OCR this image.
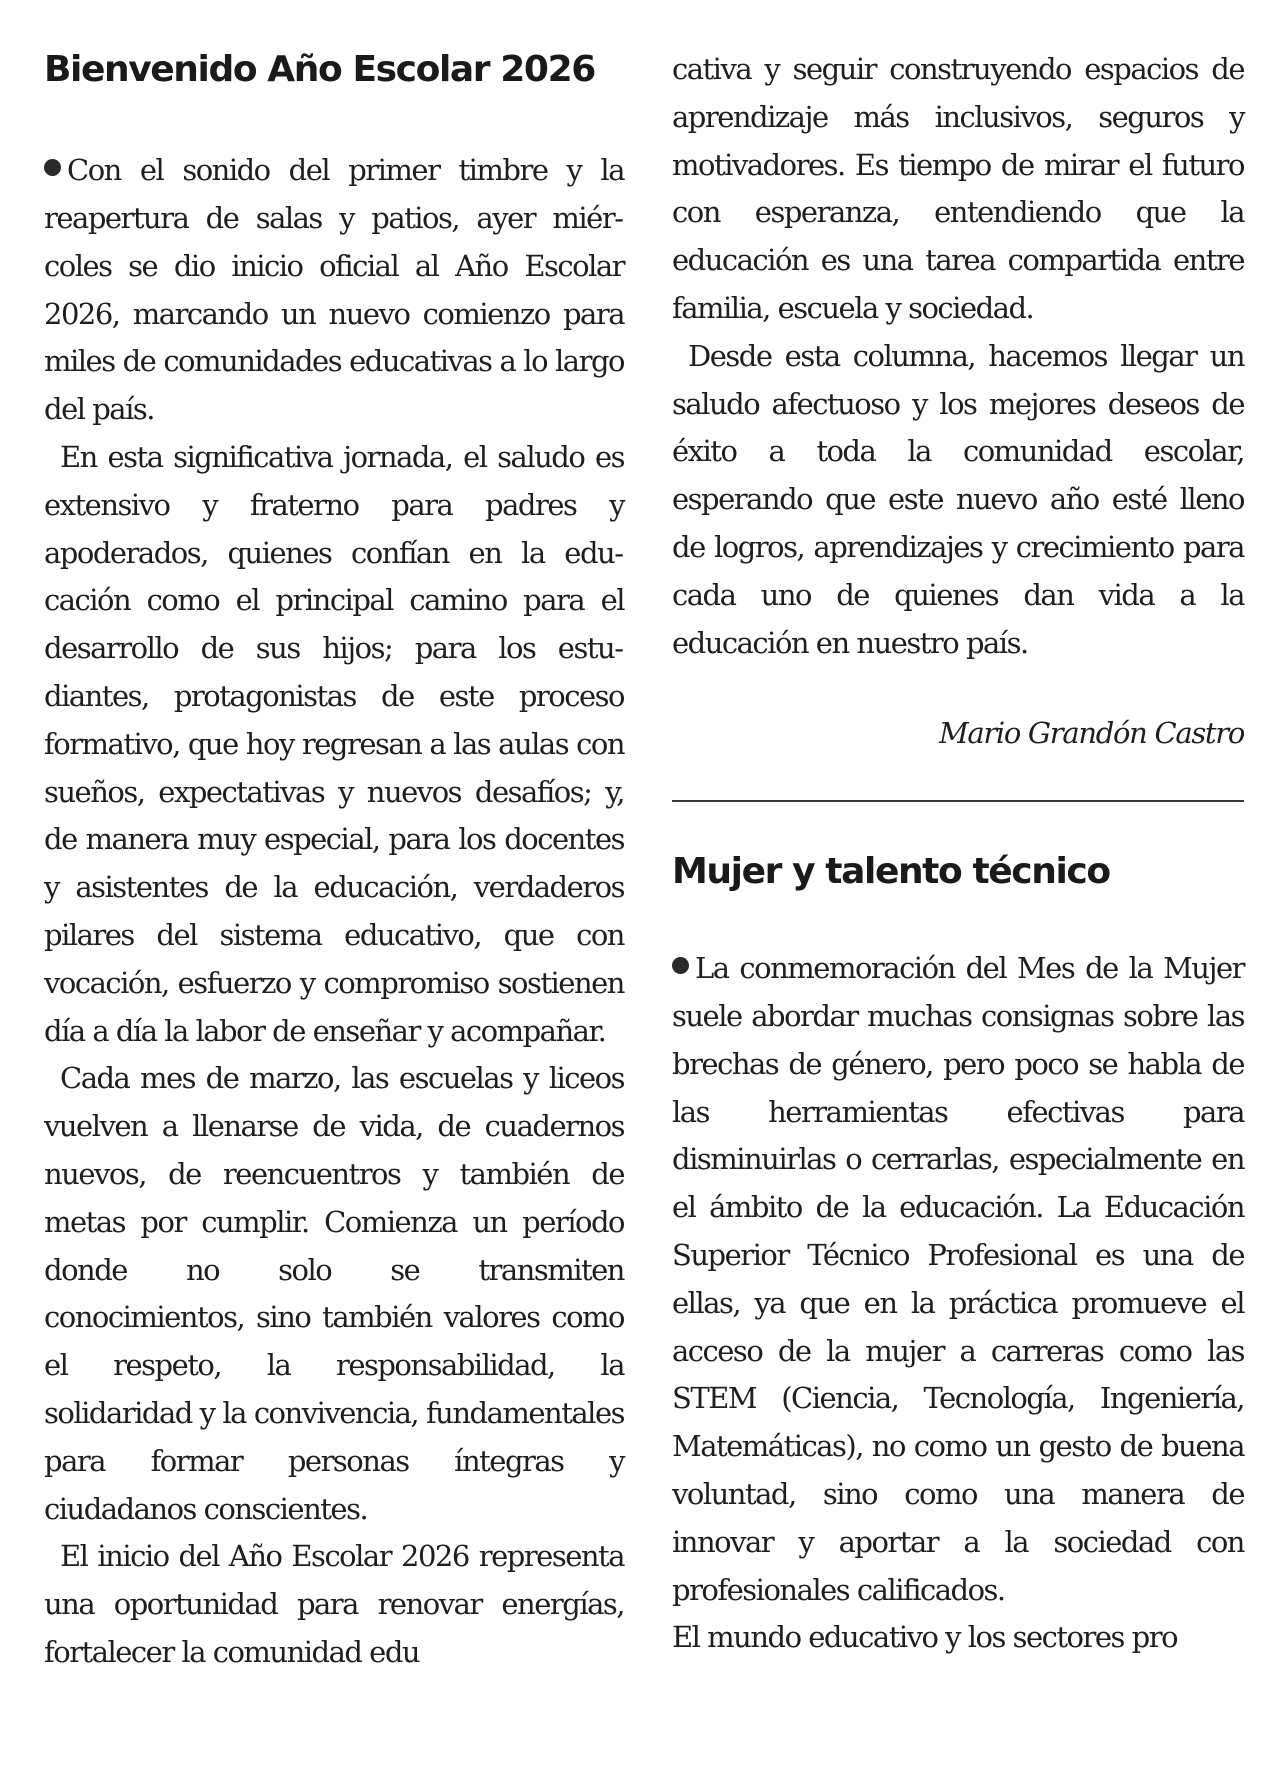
Bienvenido Año Escolar 2026

Con el sonido del primer timbre y la reapertura de salas y patios, ayer miércoles se dio inicio oficial al Año Escolar 2026, marcando un nuevo comienzo para miles de comunidades educativas a lo largo del país.

En esta significativa jornada, el saludo es extensivo y fraterno para padres y apoderados, quienes confían en la educación como el principal camino para el desarrollo de sus hijos; para los estudiantes, protagonistas de este proceso formativo, que hoy regresan a las aulas con sueños, expectativas y nuevos desafíos; y, de manera muy especial, para los docentes y asistentes de la educación, verdaderos pilares del sistema educativo, que con vocación, esfuerzo y compromiso sostienen día a día la labor de enseñar y acompañar.

Cada mes de marzo, las escuelas y liceos vuelven a llenarse de vida, de cuadernos nuevos, de reencuentros y también de metas por cumplir. Comienza un período donde no solo se transmiten conocimientos, sino también valores como el respeto, la responsabilidad, la solidaridad y la convivencia, fundamentales para formar personas íntegras y ciudadanos conscientes.

El inicio del Año Escolar 2026 representa una oportunidad para renovar energías, fortalecer la comunidad edu

cativa y seguir construyendo espacios de aprendizaje más inclusivos, seguros y motivadores. Es tiempo de mirar el futuro con esperanza, entendiendo que la educación es una tarea compartida entre familia, escuela y sociedad.

Desde esta columna, hacemos llegar un saludo afectuoso y los mejores deseos de éxito a toda la comunidad escolar, esperando que este nuevo año esté lleno de logros, aprendizajes y crecimiento para cada uno de quienes dan vida a la educación en nuestro país.

Mario Grandón Castro

Mujer y talento técnico

La conmemoración del Mes de la Mujer suele abordar muchas consignas sobre las brechas de género, pero poco se habla de las herramientas efectivas para disminuirlas o cerrarlas, especialmente en el ámbito de la educación. La Educación Superior Técnico Profesional es una de ellas, ya que en la práctica promueve el acceso de la mujer a carreras como las STEM (Ciencia, Tecnología, Ingeniería, Matemáticas), no como un gesto de buena voluntad, sino como una manera de innovar y aportar a la sociedad con profesionales calificados.

El mundo educativo y los sectores pro
